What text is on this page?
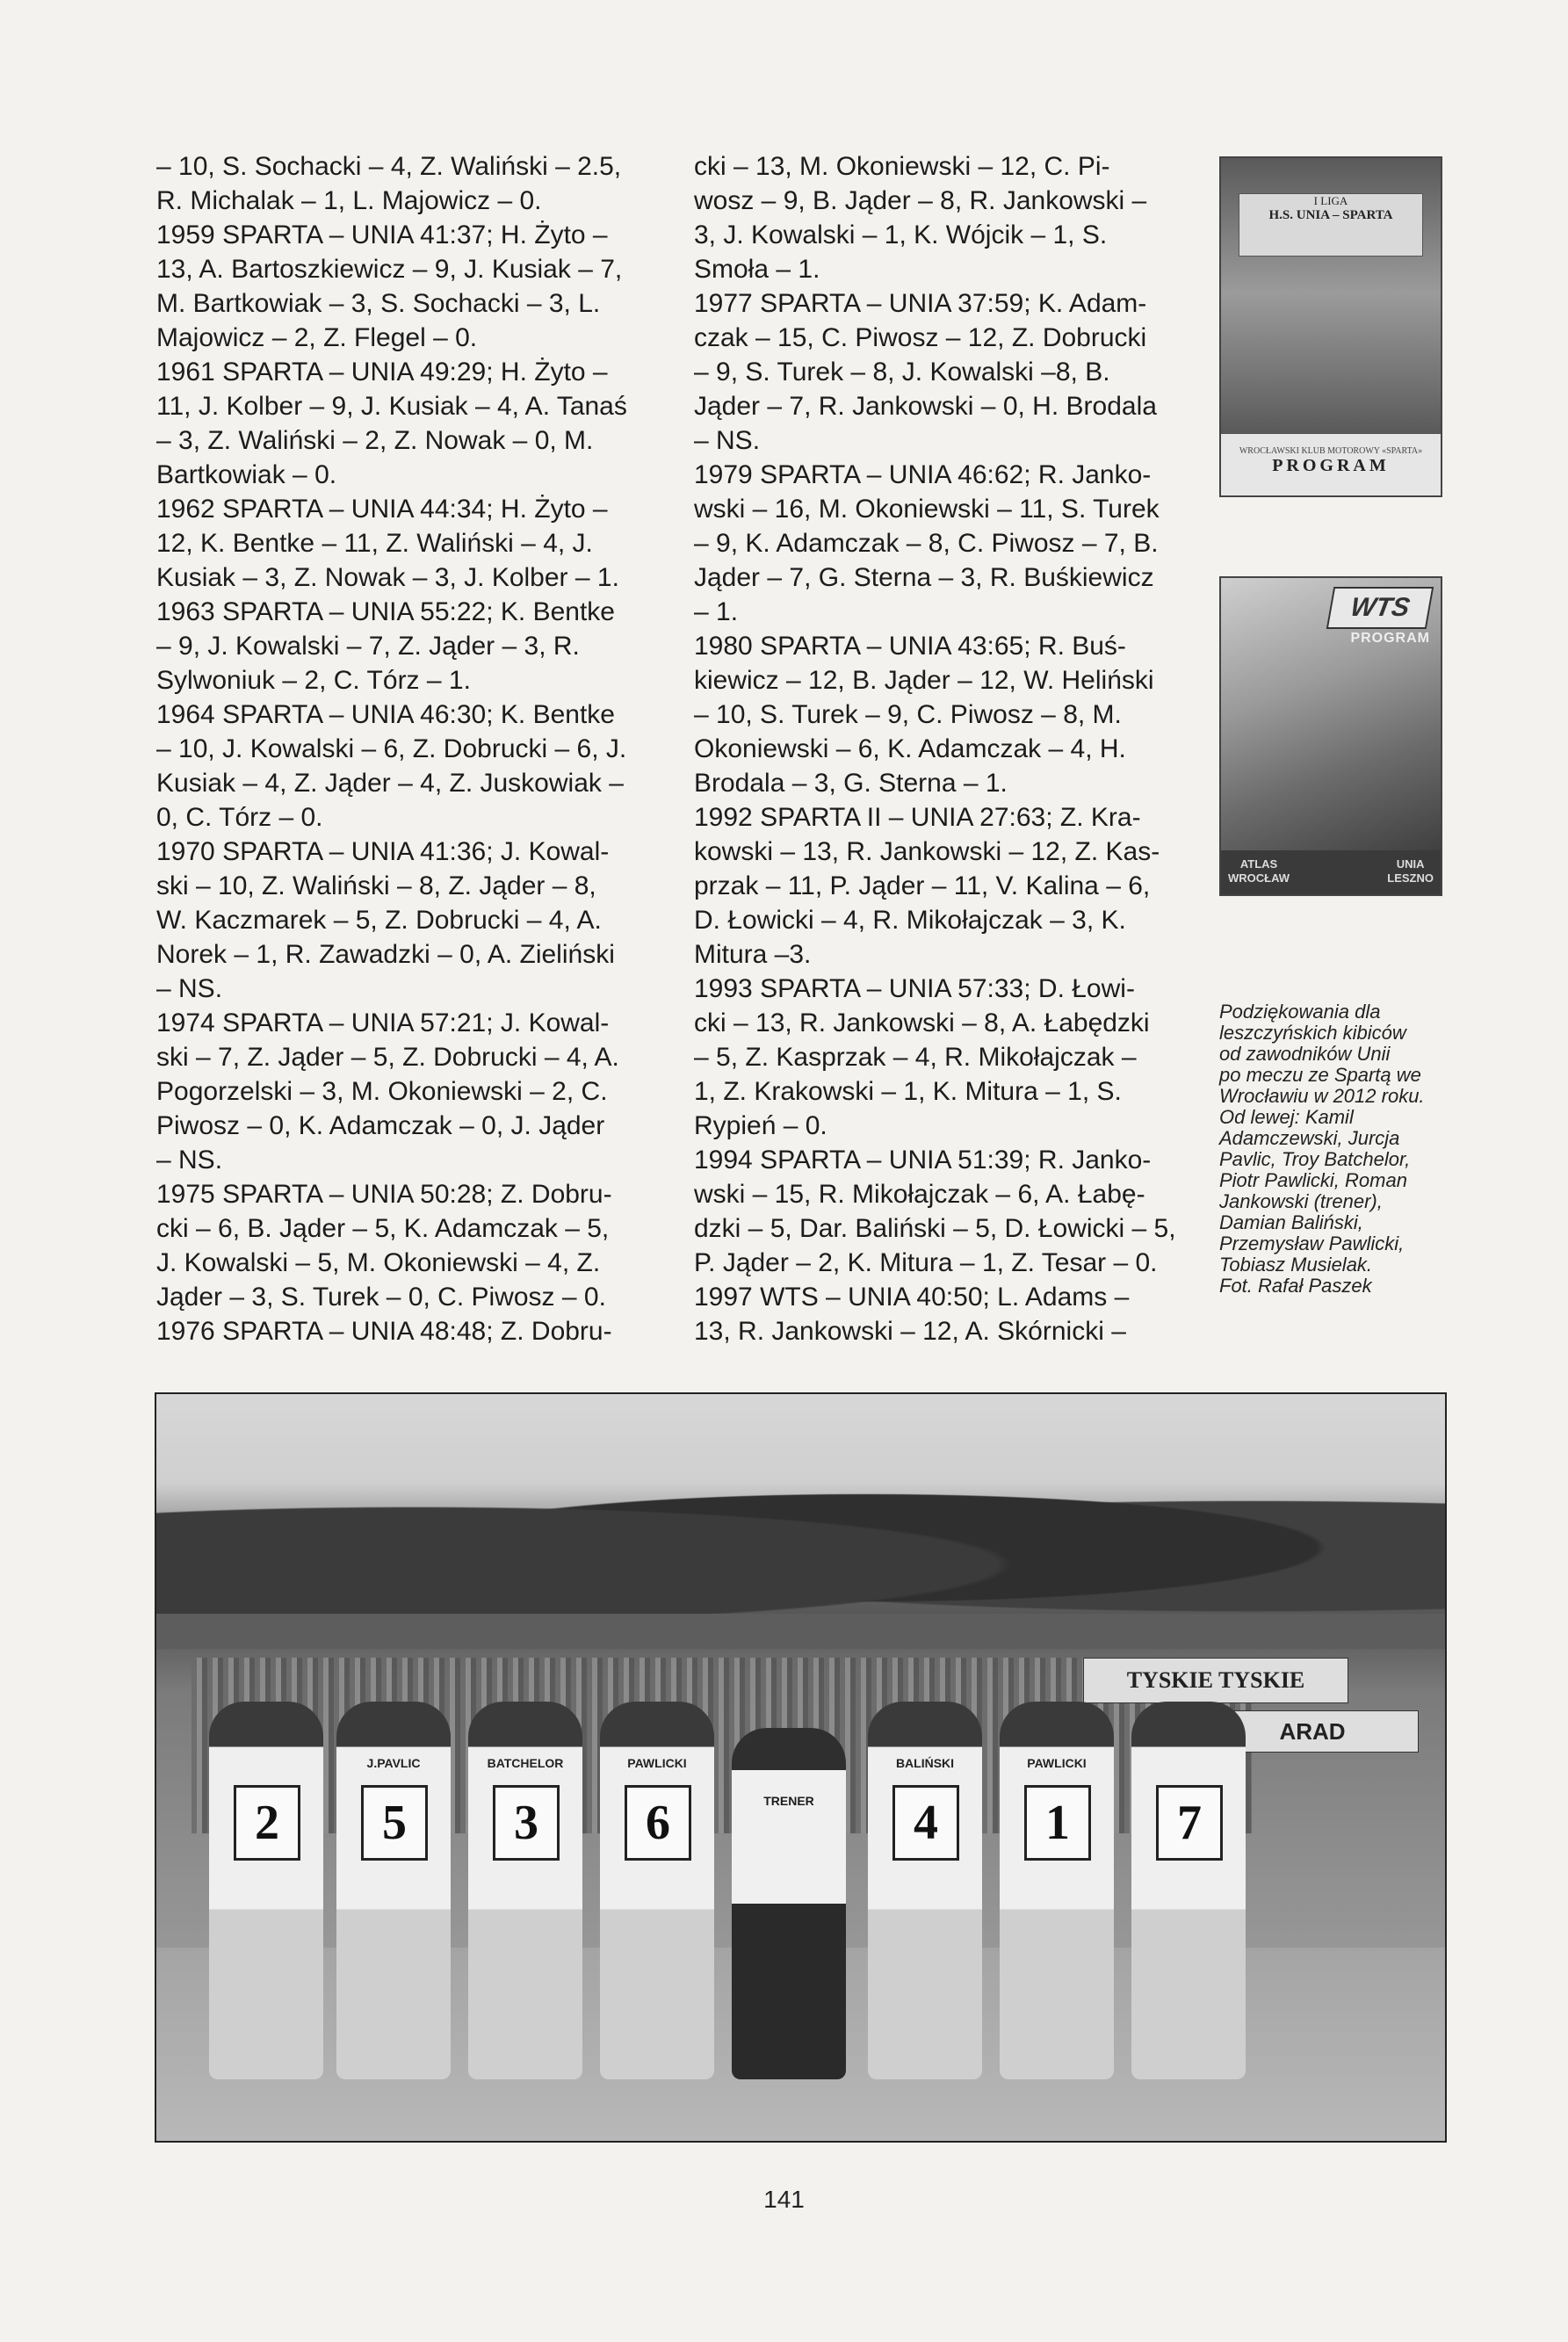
– 10, S. Sochacki – 4, Z. Waliński – 2.5,

R. Michalak – 1, L. Majowicz – 0.

1959 SPARTA – UNIA 41:37; H. Żyto –

13, A. Bartoszkiewicz – 9, J. Kusiak – 7,

M. Bartkowiak – 3, S. Sochacki – 3, L.

Majowicz – 2, Z. Flegel – 0.

1961 SPARTA – UNIA 49:29; H. Żyto –

11, J. Kolber – 9, J. Kusiak – 4, A. Tanaś

– 3, Z. Waliński – 2, Z. Nowak – 0, M.

Bartkowiak – 0.

1962 SPARTA – UNIA 44:34; H. Żyto –

12, K. Bentke – 11, Z. Waliński – 4, J.

Kusiak – 3, Z. Nowak – 3, J. Kolber – 1.

1963 SPARTA – UNIA 55:22; K. Bentke

– 9, J. Kowalski – 7, Z. Jąder – 3, R.

Sylwoniuk – 2, C. Tórz – 1.

1964 SPARTA – UNIA 46:30; K. Bentke

– 10, J. Kowalski – 6, Z. Dobrucki – 6, J.

Kusiak – 4, Z. Jąder – 4, Z. Juskowiak –

0, C. Tórz – 0.

1970 SPARTA – UNIA 41:36; J. Kowal-

ski – 10, Z. Waliński – 8, Z. Jąder – 8,

W. Kaczmarek – 5, Z. Dobrucki – 4, A.

Norek – 1, R. Zawadzki – 0, A. Zieliński

– NS.

1974 SPARTA – UNIA 57:21; J. Kowal-

ski – 7, Z. Jąder – 5, Z. Dobrucki – 4, A.

Pogorzelski – 3, M. Okoniewski – 2, C.

Piwosz – 0, K. Adamczak – 0, J. Jąder

– NS.

1975 SPARTA – UNIA 50:28; Z. Dobru-

cki – 6, B. Jąder – 5, K. Adamczak – 5,

J. Kowalski – 5, M. Okoniewski – 4, Z.

Jąder – 3, S. Turek – 0, C. Piwosz – 0.

1976 SPARTA – UNIA 48:48; Z. Dobru-

cki – 13, M. Okoniewski – 12, C. Pi-

wosz – 9, B. Jąder – 8, R. Jankowski –

3, J. Kowalski – 1, K. Wójcik – 1, S.

Smoła – 1.

1977 SPARTA – UNIA 37:59; K. Adam-

czak – 15, C. Piwosz – 12, Z. Dobrucki

– 9, S. Turek – 8, J. Kowalski –8, B.

Jąder – 7, R. Jankowski – 0, H. Brodala

– NS.

1979 SPARTA – UNIA 46:62; R. Janko-

wski – 16, M. Okoniewski – 11, S. Turek

– 9, K. Adamczak – 8, C. Piwosz – 7, B.

Jąder – 7, G. Sterna – 3, R. Buśkiewicz

– 1.

1980 SPARTA – UNIA 43:65; R. Buś-

kiewicz – 12, B. Jąder – 12, W. Heliński

– 10, S. Turek – 9, C. Piwosz – 8, M.

Okoniewski – 6, K. Adamczak – 4, H.

Brodala – 3, G. Sterna – 1.

1992 SPARTA II – UNIA 27:63; Z. Kra-

kowski – 13, R. Jankowski – 12, Z. Kas-

przak – 11, P. Jąder – 11, V. Kalina – 6,

D. Łowicki – 4, R. Mikołajczak – 3, K.

Mitura –3.

1993 SPARTA – UNIA 57:33; D. Łowi-

cki – 13, R. Jankowski – 8, A. Łabędzki

– 5, Z. Kasprzak – 4, R. Mikołajczak –

1, Z. Krakowski – 1, K. Mitura – 1, S.

Rypień – 0.

1994 SPARTA – UNIA 51:39; R. Janko-

wski – 15, R. Mikołajczak – 6, A. Łabę-

dzki – 5, Dar. Baliński – 5, D. Łowicki – 5,

P. Jąder – 2, K. Mitura – 1, Z. Tesar – 0.

1997 WTS – UNIA 40:50; L. Adams –

13, R. Jankowski – 12, A. Skórnicki –

I LIGA
H.S. UNIA – SPARTA
WROCŁAWSKI KLUB MOTOROWY «SPARTA»
PROGRAM
WTS
PROGRAM
ATLAS
WROCŁAW
UNIA
LESZNO

Podziękowania dla

leszczyńskich kibiców

od zawodników Unii

po meczu ze Spartą we

Wrocławiu w 2012 roku.

Od lewej: Kamil

Adamczewski, Jurcja

Pavlic, Troy Batchelor,

Piotr Pawlicki, Roman

Jankowski (trener),

Damian Baliński,

Przemysław Pawlicki,

Tobiasz Musielak.

Fot. Rafał Paszek

TYSKIE TYSKIE
ARAD
2
J.PAVLIC
5
BATCHELOR
3
PAWLICKI
6
BALIŃSKI
4
PAWLICKI
1	7
TRENER
141
